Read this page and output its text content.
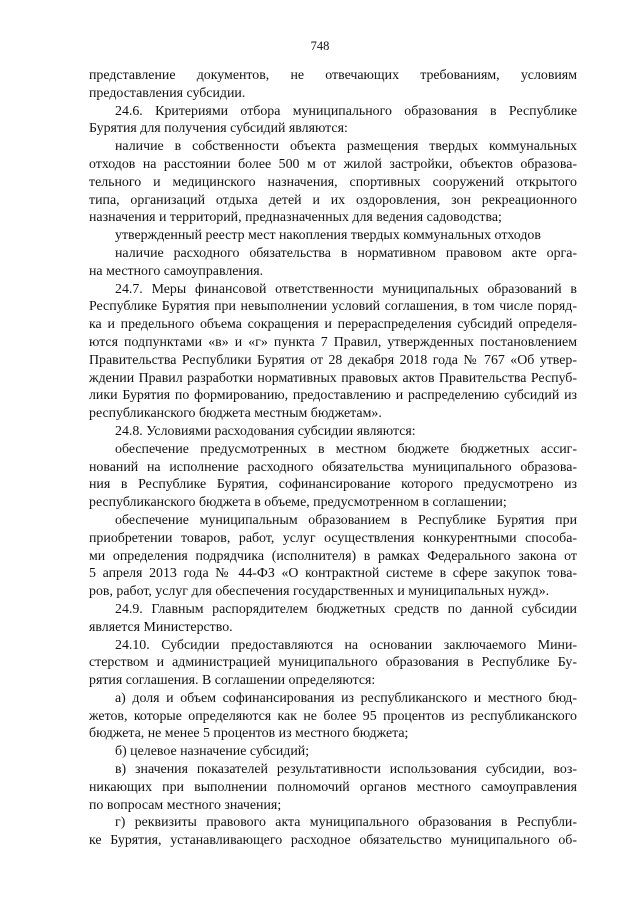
748
представление документов, не отвечающих требованиям, условиям
предоставления субсидии.
24.6. Критериями отбора муниципального образования в Республике
Бурятия для получения субсидий являются:
наличие в собственности объекта размещения твердых коммунальных
отходов на расстоянии более 500 м от жилой застройки, объектов образова-
тельного и медицинского назначения, спортивных сооружений открытого
типа, организаций отдыха детей и их оздоровления, зон рекреационного
назначения и территорий, предназначенных для ведения садоводства;
утвержденный реестр мест накопления твердых коммунальных отходов
наличие расходного обязательства в нормативном правовом акте орга-
на местного самоуправления.
24.7. Меры финансовой ответственности муниципальных образований в
Республике Бурятия при невыполнении условий соглашения, в том числе поряд-
ка и предельного объема сокращения и перераспределения субсидий определя-
ются подпунктами «в» и «г» пункта 7 Правил, утвержденных постановлением
Правительства Республики Бурятия от 28 декабря 2018 года № 767 «Об утвер-
ждении Правил разработки нормативных правовых актов Правительства Респуб-
лики Бурятия по формированию, предоставлению и распределению субсидий из
республиканского бюджета местным бюджетам».
24.8. Условиями расходования субсидии являются:
обеспечение предусмотренных в местном бюджете бюджетных ассиг-
нований на исполнение расходного обязательства муниципального образова-
ния в Республике Бурятия, софинансирование которого предусмотрено из
республиканского бюджета в объеме, предусмотренном в соглашении;
обеспечение муниципальным образованием в Республике Бурятия при
приобретении товаров, работ, услуг осуществления конкурентными способа-
ми определения подрядчика (исполнителя) в рамках Федерального закона от
5 апреля 2013 года № 44-ФЗ «О контрактной системе в сфере закупок това-
ров, работ, услуг для обеспечения государственных и муниципальных нужд».
24.9. Главным распорядителем бюджетных средств по данной субсидии
является Министерство.
24.10. Субсидии предоставляются на основании заключаемого Мини-
стерством и администрацией муниципального образования в Республике Бу-
рятия соглашения. В соглашении определяются:
а) доля и объем софинансирования из республиканского и местного бюд-
жетов, которые определяются как не более 95 процентов из республиканского
бюджета, не менее 5 процентов из местного бюджета;
б) целевое назначение субсидий;
в) значения показателей результативности использования субсидии, воз-
никающих при выполнении полномочий органов местного самоуправления
по вопросам местного значения;
г) реквизиты правового акта муниципального образования в Республи-
ке Бурятия, устанавливающего расходное обязательство муниципального об-
